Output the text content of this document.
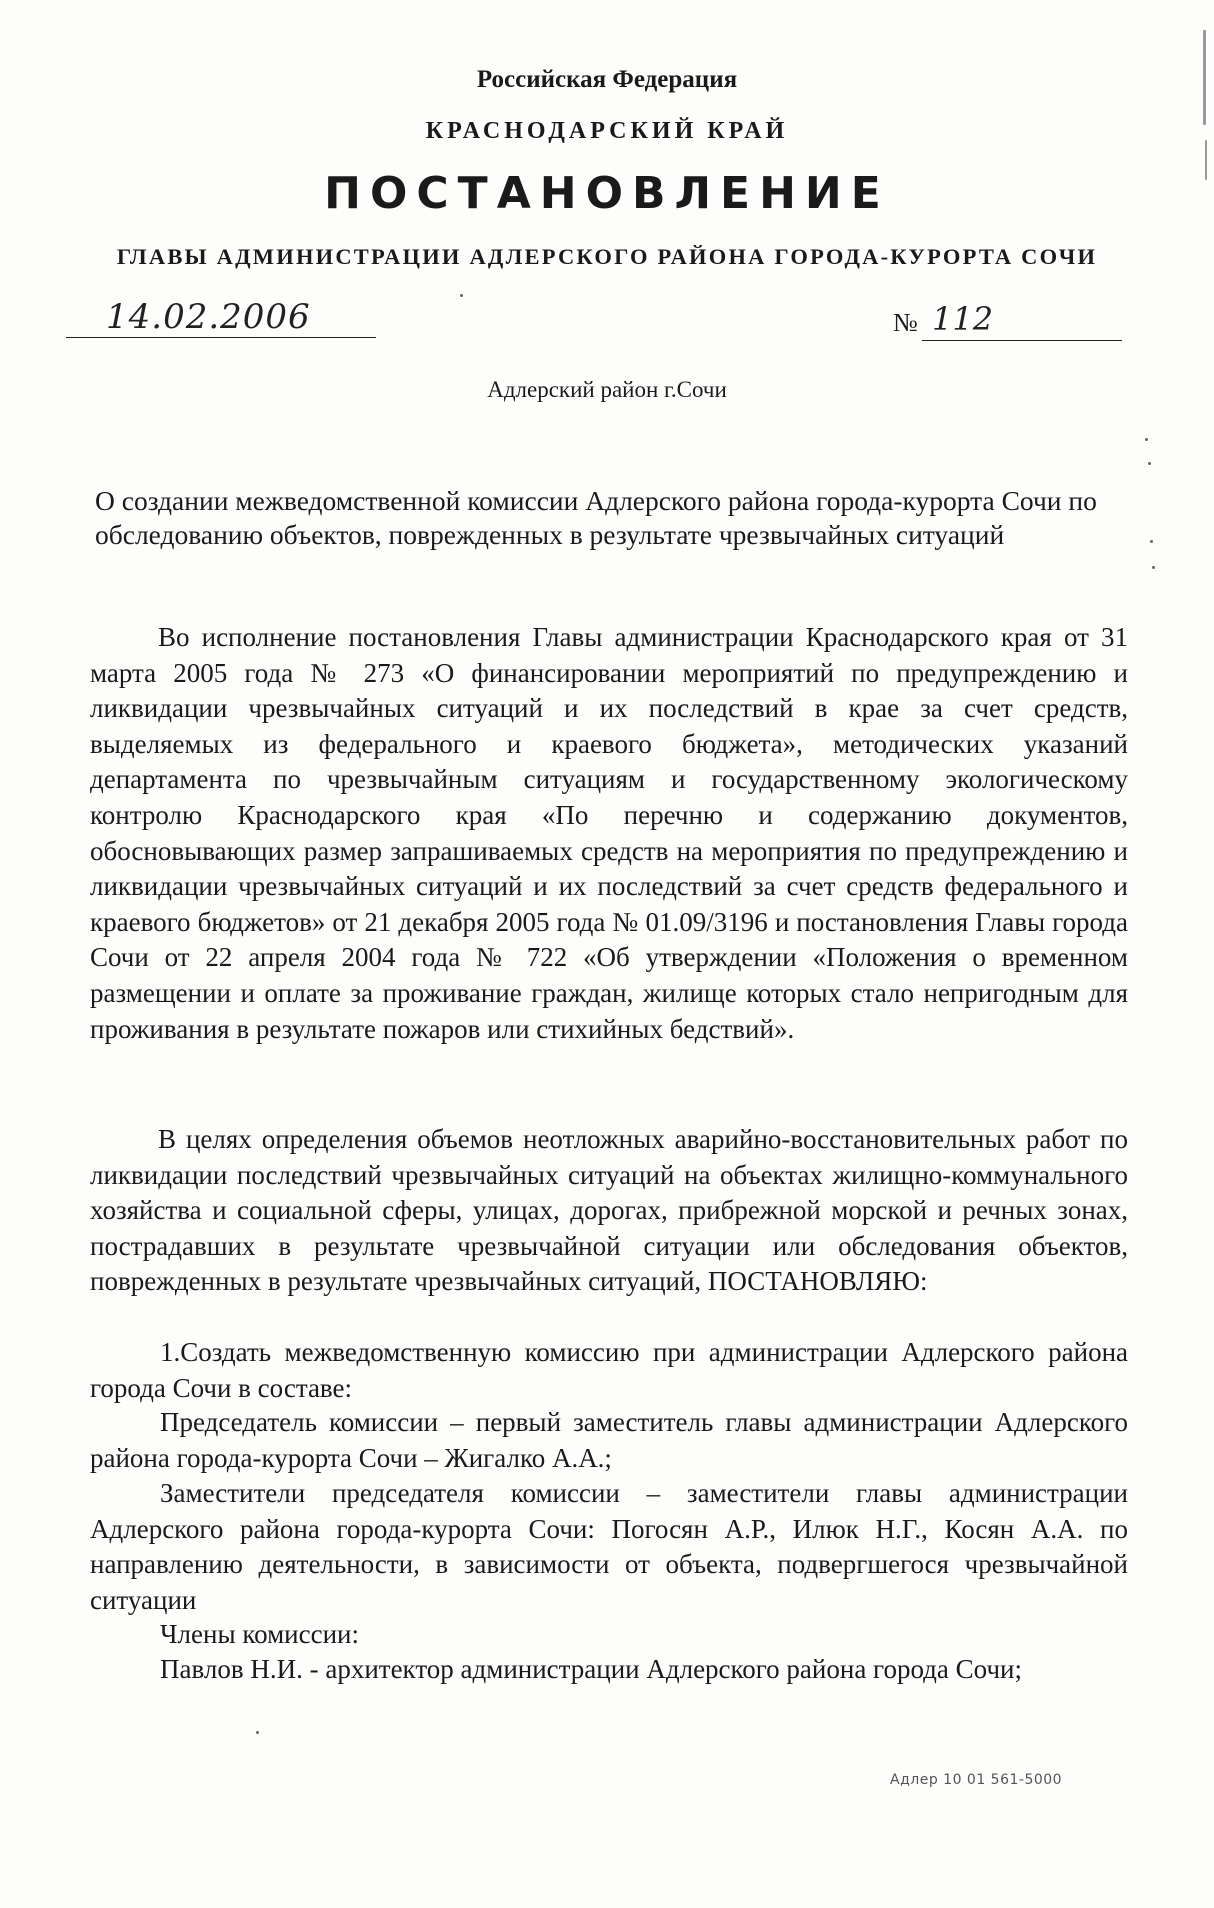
Российская Федерация
КРАСНОДАРСКИЙ КРАЙ
ПОСТАНОВЛЕНИЕ
ГЛАВЫ АДМИНИСТРАЦИИ АДЛЕРСКОГО РАЙОНА ГОРОДА-КУРОРТА СОЧИ
14.02.2006	№ 112
Адлерский район г.Сочи
О создании межведомственной комиссии Адлерского района города-курорта Сочи по обследованию объектов, поврежденных в результате чрезвычайных ситуаций
Во исполнение постановления Главы администрации Краснодарского края от 31 марта 2005 года № 273 «О финансировании мероприятий по предупреждению и ликвидации чрезвычайных ситуаций и их последствий в крае за счет средств, выделяемых из федерального и краевого бюджета», методических указаний департамента по чрезвычайным ситуациям и государственному экологическому контролю Краснодарского края «По перечню и содержанию документов, обосновывающих размер запрашиваемых средств на мероприятия по предупреждению и ликвидации чрезвычайных ситуаций и их последствий за счет средств федерального и краевого бюджетов» от 21 декабря 2005 года № 01.09/3196 и постановления Главы города Сочи от 22 апреля 2004 года № 722 «Об утверждении «Положения о временном размещении и оплате за проживание граждан, жилище которых стало непригодным для проживания в результате пожаров или стихийных бедствий».
В целях определения объемов неотложных аварийно-восстановительных работ по ликвидации последствий чрезвычайных ситуаций на объектах жилищно-коммунального хозяйства и социальной сферы, улицах, дорогах, прибрежной морской и речных зонах, пострадавших в результате чрезвычайной ситуации или обследования объектов, поврежденных в результате чрезвычайных ситуаций, ПОСТАНОВЛЯЮ:
1.Создать межведомственную комиссию при администрации Адлерского района города Сочи в составе:
Председатель комиссии – первый заместитель главы администрации Адлерского района города-курорта Сочи – Жигалко А.А.;
Заместители председателя комиссии – заместители главы администрации Адлерского района города-курорта Сочи: Погосян А.Р., Илюк Н.Г., Косян А.А. по направлению деятельности, в зависимости от объекта, подвергшегося чрезвычайной ситуации
Члены комиссии:
Павлов Н.И. - архитектор администрации Адлерского района города Сочи;
Адлер 10 01 561-5000
